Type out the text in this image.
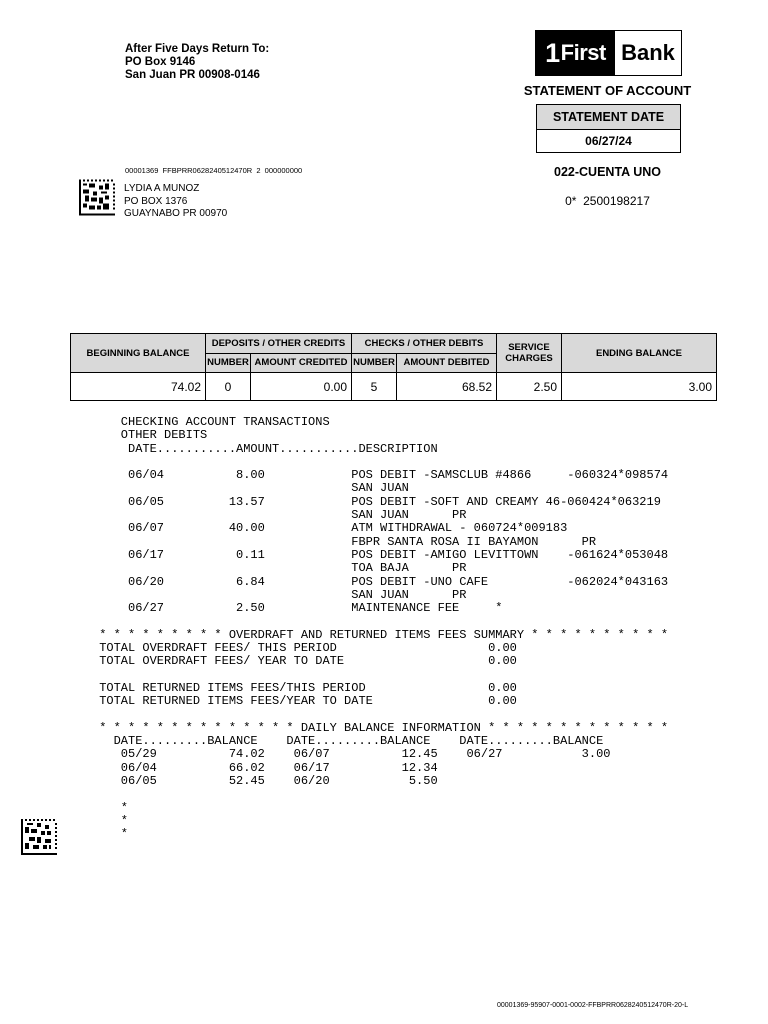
After Five Days Return To:
PO Box 9146
San Juan PR 00908-0146
1 First Bank
STATEMENT OF ACCOUNT
STATEMENT DATE
06/27/24
022-CUENTA UNO
0*  2500198217
00001369  FFBPRR0628240512470R  2  000000000
LYDIA A MUNOZ
PO BOX 1376
GUAYNABO PR 00970
BEGINNING BALANCE	DEPOSITS / OTHER CREDITS		CHECKS / OTHER DEBITS		SERVICE CHARGES	ENDING BALANCE
	NUMBER	AMOUNT CREDITED	NUMBER	AMOUNT DEBITED		
74.02	0	0.00	5	68.52	2.50	3.00
CHECKING ACCOUNT TRANSACTIONS
OTHER DEBITS
DATE...........AMOUNT...........DESCRIPTION

06/04          8.00            POS DEBIT -SAMSCLUB #4866     -060324*098574
SAN JUAN
06/05         13.57            POS DEBIT -SOFT AND CREAMY 46-060424*063219
SAN JUAN      PR
06/07         40.00            ATM WITHDRAWAL - 060724*009183
FBPR SANTA ROSA II BAYAMON      PR
06/17          0.11            POS DEBIT -AMIGO LEVITTOWN    -061624*053048
TOA BAJA      PR
06/20          6.84            POS DEBIT -UNO CAFE           -062024*043163
SAN JUAN      PR
06/27          2.50            MAINTENANCE FEE     *

* * * * * * * * * OVERDRAFT AND RETURNED ITEMS FEES SUMMARY * * * * * * * * * *
TOTAL OVERDRAFT FEES/ THIS PERIOD                     0.00
TOTAL OVERDRAFT FEES/ YEAR TO DATE                    0.00

TOTAL RETURNED ITEMS FEES/THIS PERIOD                 0.00
TOTAL RETURNED ITEMS FEES/YEAR TO DATE                0.00

* * * * * * * * * * * * * * DAILY BALANCE INFORMATION * * * * * * * * * * * * *
DATE.........BALANCE    DATE.........BALANCE    DATE.........BALANCE
05/29          74.02    06/07          12.45    06/27           3.00
06/04          66.02    06/17          12.34
06/05          52.45    06/20           5.50

*
*
*
00001369-95907-0001-0002-FFBPRR0628240512470R-20-L
